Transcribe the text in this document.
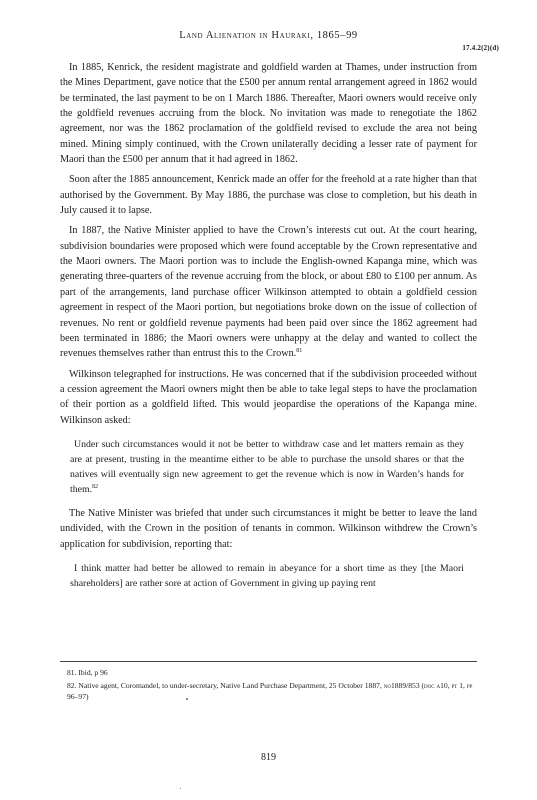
Land Alienation in Hauraki, 1865–99
17.4.2(2)(d)

In 1885, Kenrick, the resident magistrate and goldfield warden at Thames, under instruction from the Mines Department, gave notice that the £500 per annum rental arrangement agreed in 1862 would be terminated, the last payment to be on 1 March 1886. Thereafter, Maori owners would receive only the goldfield revenues accruing from the block. No invitation was made to renegotiate the 1862 agreement, nor was the 1862 proclamation of the goldfield revised to exclude the area not being mined. Mining simply continued, with the Crown unilaterally deciding a lesser rate of payment for Maori than the £500 per annum that it had agreed in 1862.

Soon after the 1885 announcement, Kenrick made an offer for the freehold at a rate higher than that authorised by the Government. By May 1886, the purchase was close to completion, but his death in July caused it to lapse.

In 1887, the Native Minister applied to have the Crown’s interests cut out. At the court hearing, subdivision boundaries were proposed which were found acceptable by the Crown representative and the Maori owners. The Maori portion was to include the English-owned Kapanga mine, which was generating three-quarters of the revenue accruing from the block, or about £80 to £100 per annum. As part of the arrangements, land purchase officer Wilkinson attempted to obtain a goldfield cession agreement in respect of the Maori portion, but negotiations broke down on the issue of collection of revenues. No rent or goldfield revenue payments had been paid over since the 1862 agreement had been terminated in 1886; the Maori owners were unhappy at the delay and wanted to collect the revenues themselves rather than entrust this to the Crown.$^{81}$

Wilkinson telegraphed for instructions. He was concerned that if the subdivision proceeded without a cession agreement the Maori owners might then be able to take legal steps to have the proclamation of their portion as a goldfield lifted. This would jeopardise the operations of the Kapanga mine. Wilkinson asked:

Under such circumstances would it not be better to withdraw case and let matters remain as they are at present, trusting in the meantime either to be able to purchase the unsold shares or that the natives will eventually sign new agreement to get the revenue which is now in Warden’s hands for them.$^{82}$

The Native Minister was briefed that under such circumstances it might be better to leave the land undivided, with the Crown in the position of tenants in common. Wilkinson withdrew the Crown’s application for subdivision, reporting that:

I think matter had better be allowed to remain in abeyance for a short time as they [the Maori shareholders] are rather sore at action of Government in giving up paying rent

81. Ibid, p 96

82. Native agent, Coromandel, to under-secretary, Native Land Purchase Department, 25 October 1887, no1889/853 (doc a10, pt 1, pp 96–97)

819
